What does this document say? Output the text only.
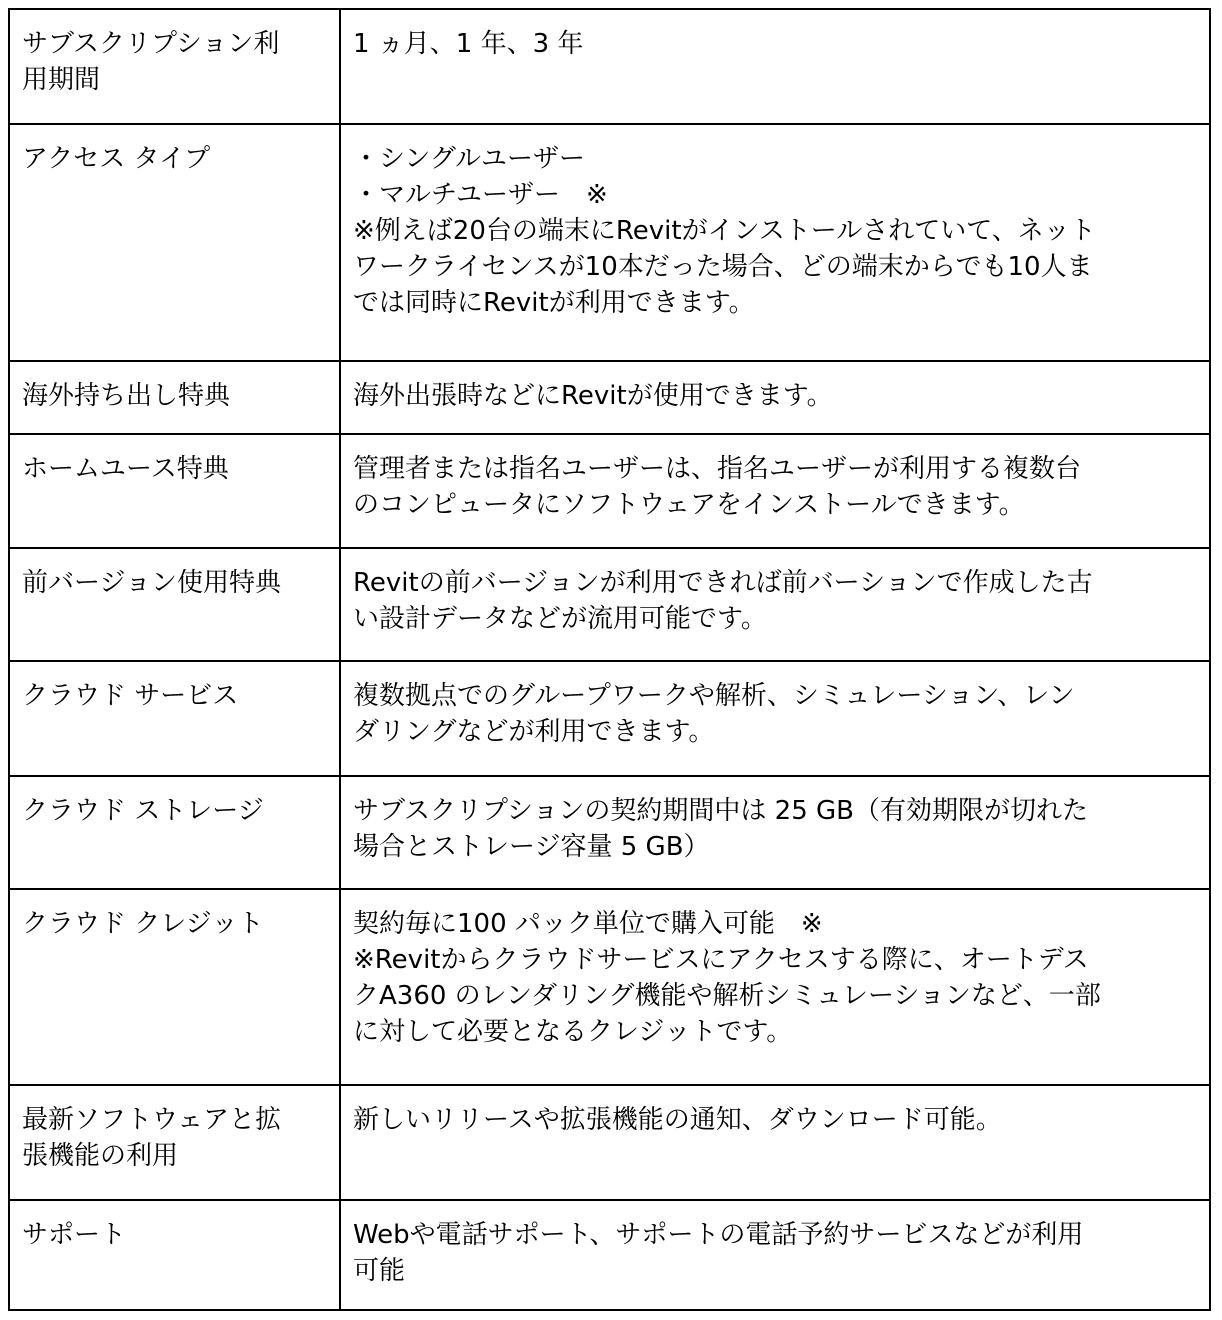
サブスクリプション利
用期間	1 ヵ月、1 年、3 年

アクセス タイプ	・シングルユーザー
・マルチユーザー　※
※例えば20台の端末にRevitがインストールされていて、ネット
ワークライセンスが10本だった場合、どの端末からでも10人ま
では同時にRevitが利用できます。

海外持ち出し特典	海外出張時などにRevitが使用できます。

ホームユース特典	管理者または指名ユーザーは、指名ユーザーが利用する複数台
のコンピュータにソフトウェアをインストールできます。

前バージョン使用特典	Revitの前バージョンが利用できれば前バーションで作成した古
い設計データなどが流用可能です。

クラウド サービス	複数拠点でのグループワークや解析、シミュレーション、レン
ダリングなどが利用できます。

クラウド ストレージ	サブスクリプションの契約期間中は 25 GB（有効期限が切れた
場合とストレージ容量 5 GB）

クラウド クレジット	契約毎に100 パック単位で購入可能　※
※Revitからクラウドサービスにアクセスする際に、オートデス
クA360 のレンダリング機能や解析シミュレーションなど、一部
に対して必要となるクレジットです。

最新ソフトウェアと拡
張機能の利用	新しいリリースや拡張機能の通知、ダウンロード可能。

サポート	Webや電話サポート、サポートの電話予約サービスなどが利用
可能
